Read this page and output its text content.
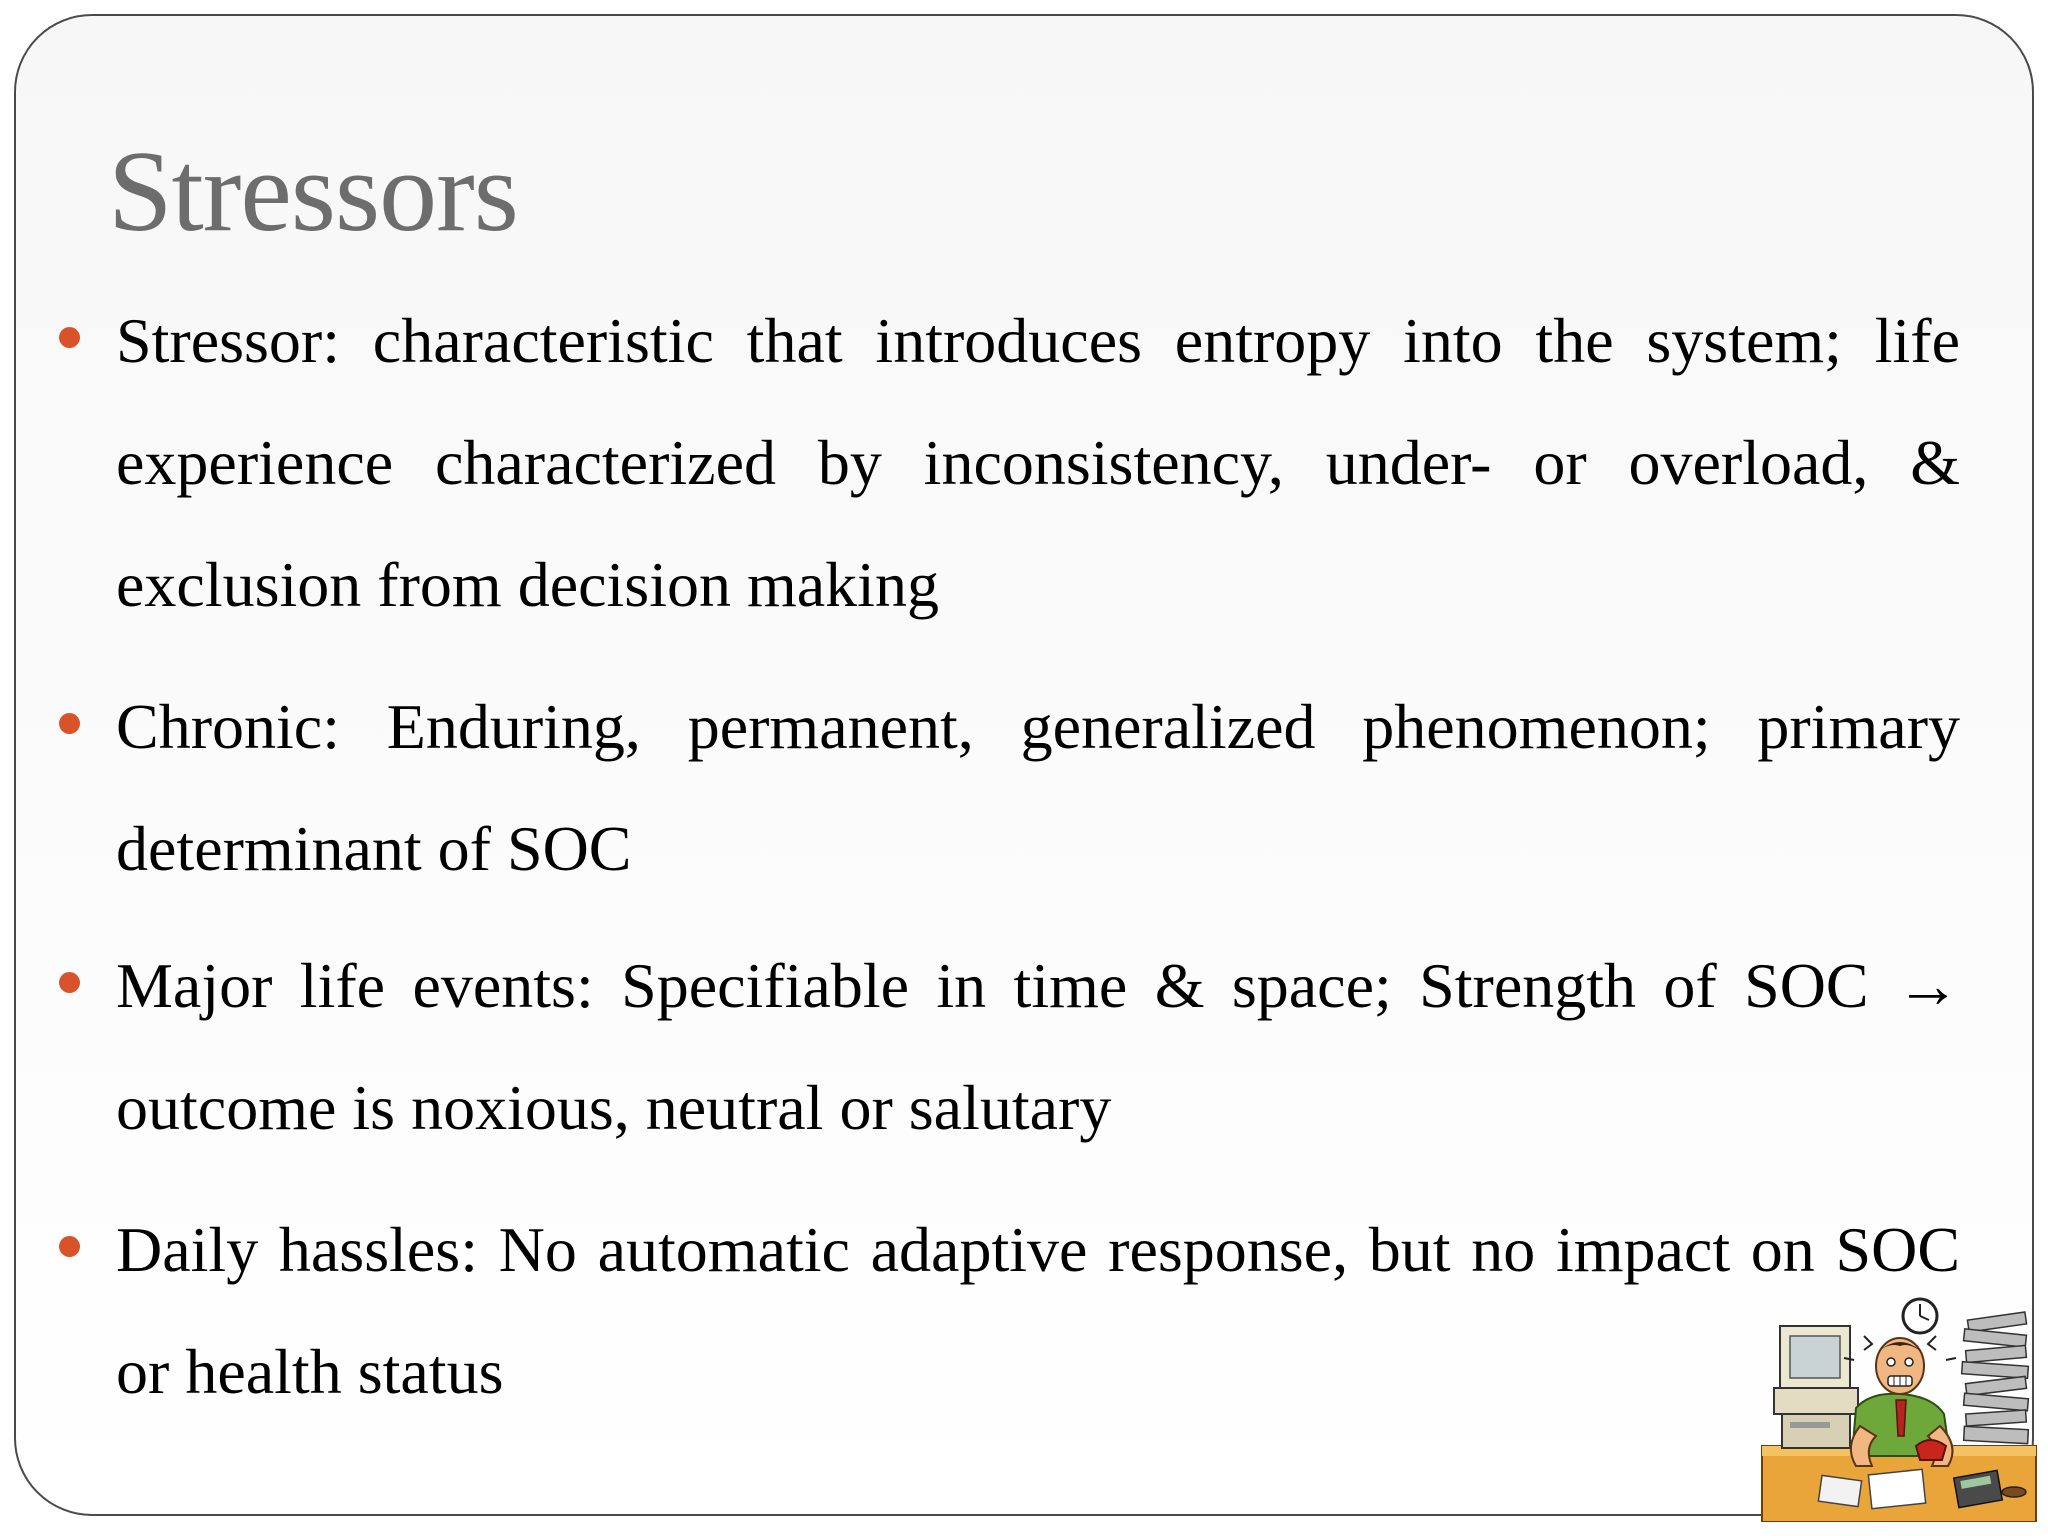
Stressors
Stressor: characteristic that introduces entropy into the system; life experience characterized by inconsistency, under- or overload, & exclusion from decision making
Chronic: Enduring, permanent, generalized phenomenon; primary determinant of SOC
Major life events: Specifiable in time & space; Strength of SOC → outcome is noxious, neutral or salutary
Daily hassles: No automatic adaptive response, but no impact on SOC or health status
